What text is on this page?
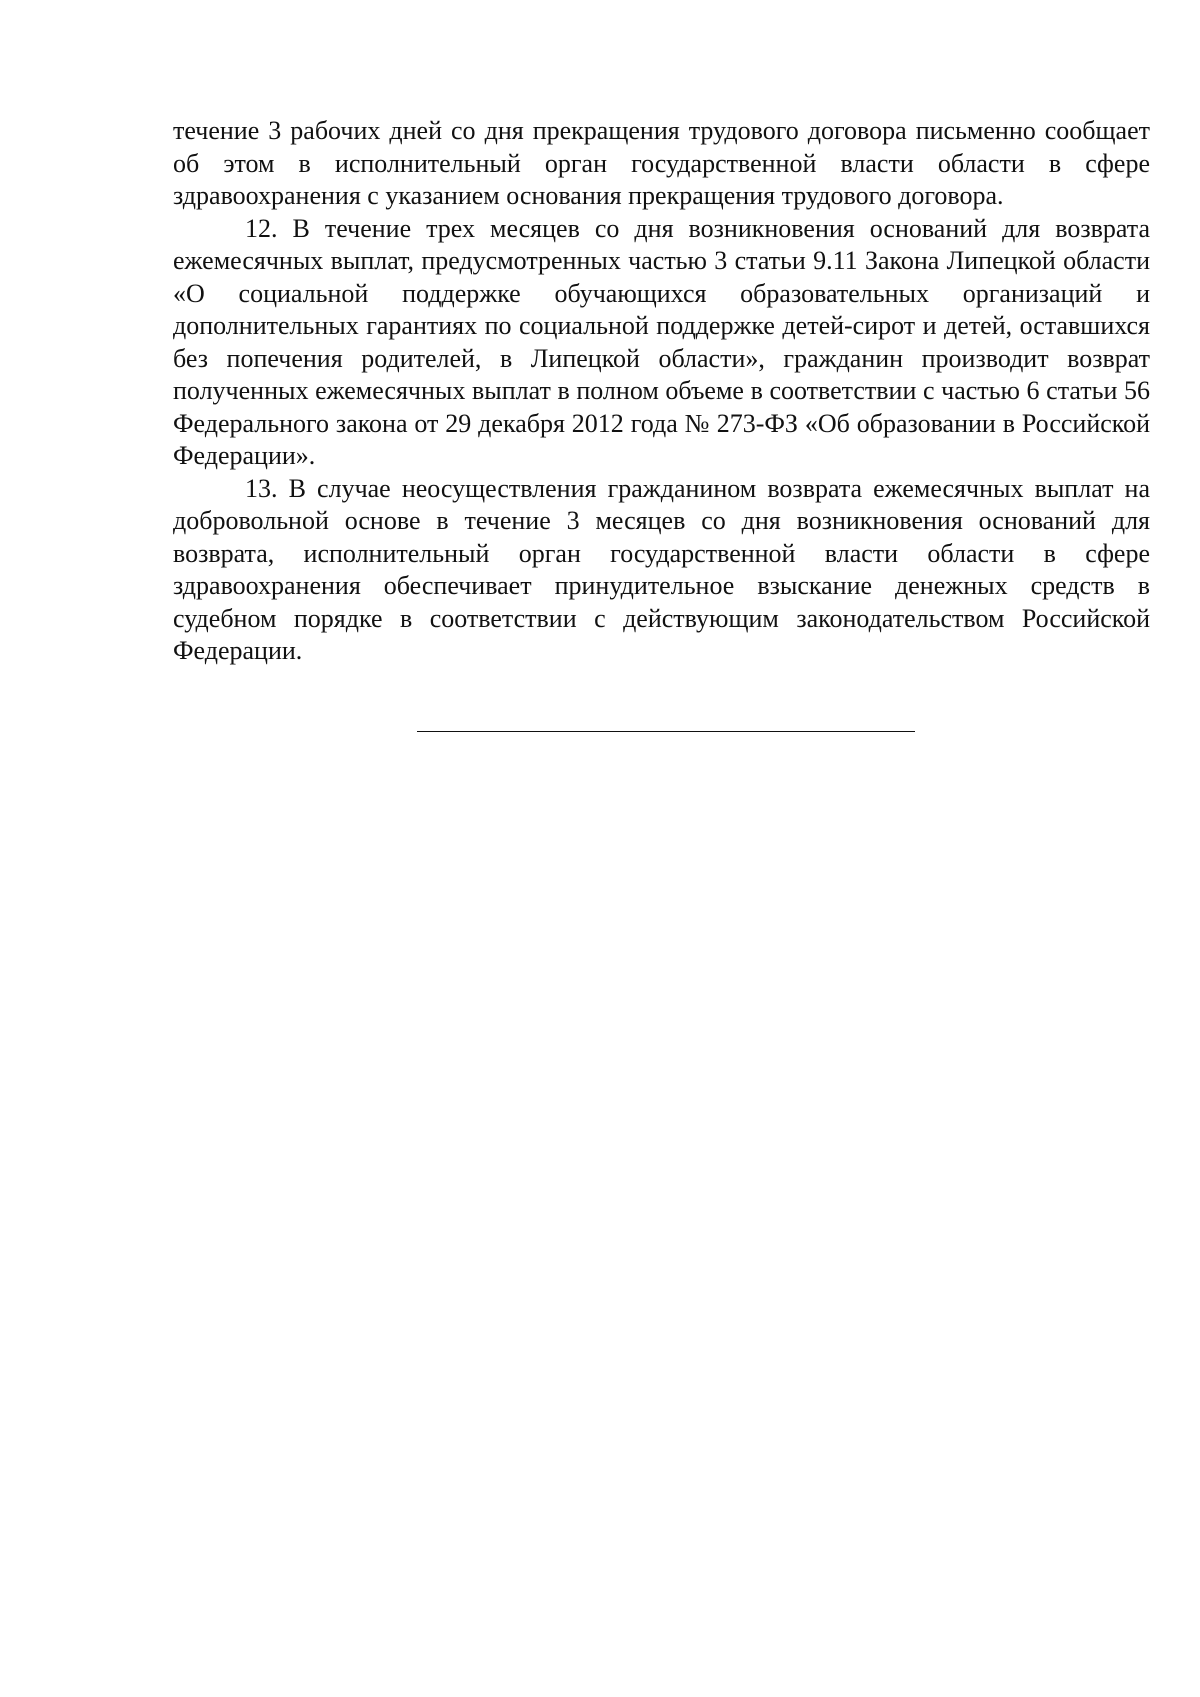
течение 3 рабочих дней со дня прекращения трудового договора письменно сообщает об этом в исполнительный орган государственной власти области в сфере здравоохранения с указанием основания прекращения трудового договора.

12. В течение трех месяцев со дня возникновения оснований для возврата ежемесячных выплат, предусмотренных частью 3 статьи 9.11 Закона Липецкой области «О социальной поддержке обучающихся образовательных организаций и дополнительных гарантиях по социальной поддержке детей-сирот и детей, оставшихся без попечения родителей, в Липецкой области», гражданин производит возврат полученных ежемесячных выплат в полном объеме в соответствии с частью 6 статьи 56 Федерального закона от 29 декабря 2012 года № 273-ФЗ «Об образовании в Российской Федерации».

13. В случае неосуществления гражданином возврата ежемесячных выплат на добровольной основе в течение 3 месяцев со дня возникновения оснований для возврата, исполнительный орган государственной власти области в сфере здравоохранения обеспечивает принудительное взыскание денежных средств в судебном порядке в соответствии с действующим законодательством Российской Федерации.
